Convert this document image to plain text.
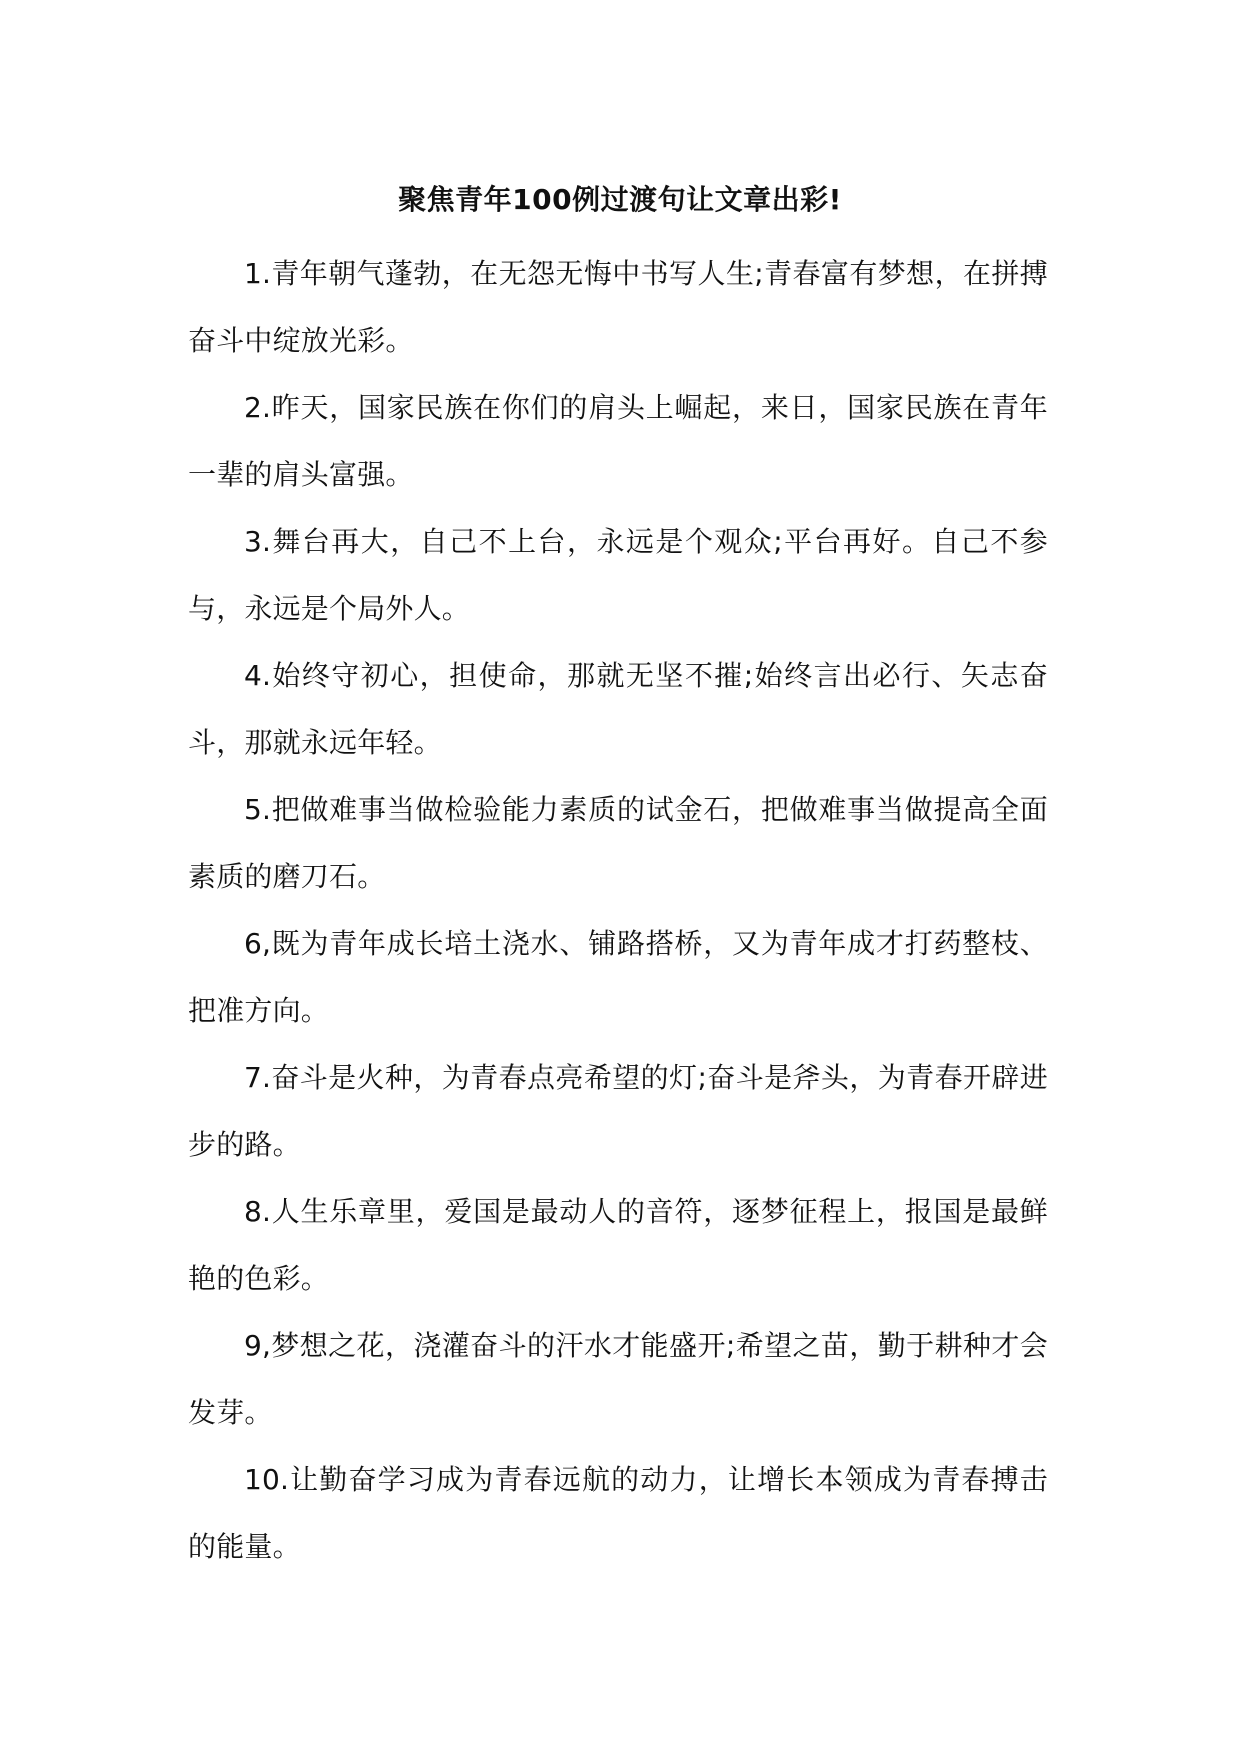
聚焦青年100例过渡句让文章出彩!

1.青年朝气蓬勃，在无怨无悔中书写人生;青春富有梦想，在拼搏奋斗中绽放光彩。

2.昨天，国家民族在你们的肩头上崛起，来日，国家民族在青年一辈的肩头富强。

3.舞台再大，自己不上台，永远是个观众;平台再好。自己不参与，永远是个局外人。

4.始终守初心，担使命，那就无坚不摧;始终言出必行、矢志奋斗，那就永远年轻。

5.把做难事当做检验能力素质的试金石，把做难事当做提高全面素质的磨刀石。

6,既为青年成长培土浇水、铺路搭桥，又为青年成才打药整枝、把准方向。

7.奋斗是火种，为青春点亮希望的灯;奋斗是斧头，为青春开辟进步的路。

8.人生乐章里，爱国是最动人的音符，逐梦征程上，报国是最鲜艳的色彩。

9,梦想之花，浇灌奋斗的汗水才能盛开;希望之苗，勤于耕种才会发芽。

10.让勤奋学习成为青春远航的动力，让增长本领成为青春搏击的能量。
